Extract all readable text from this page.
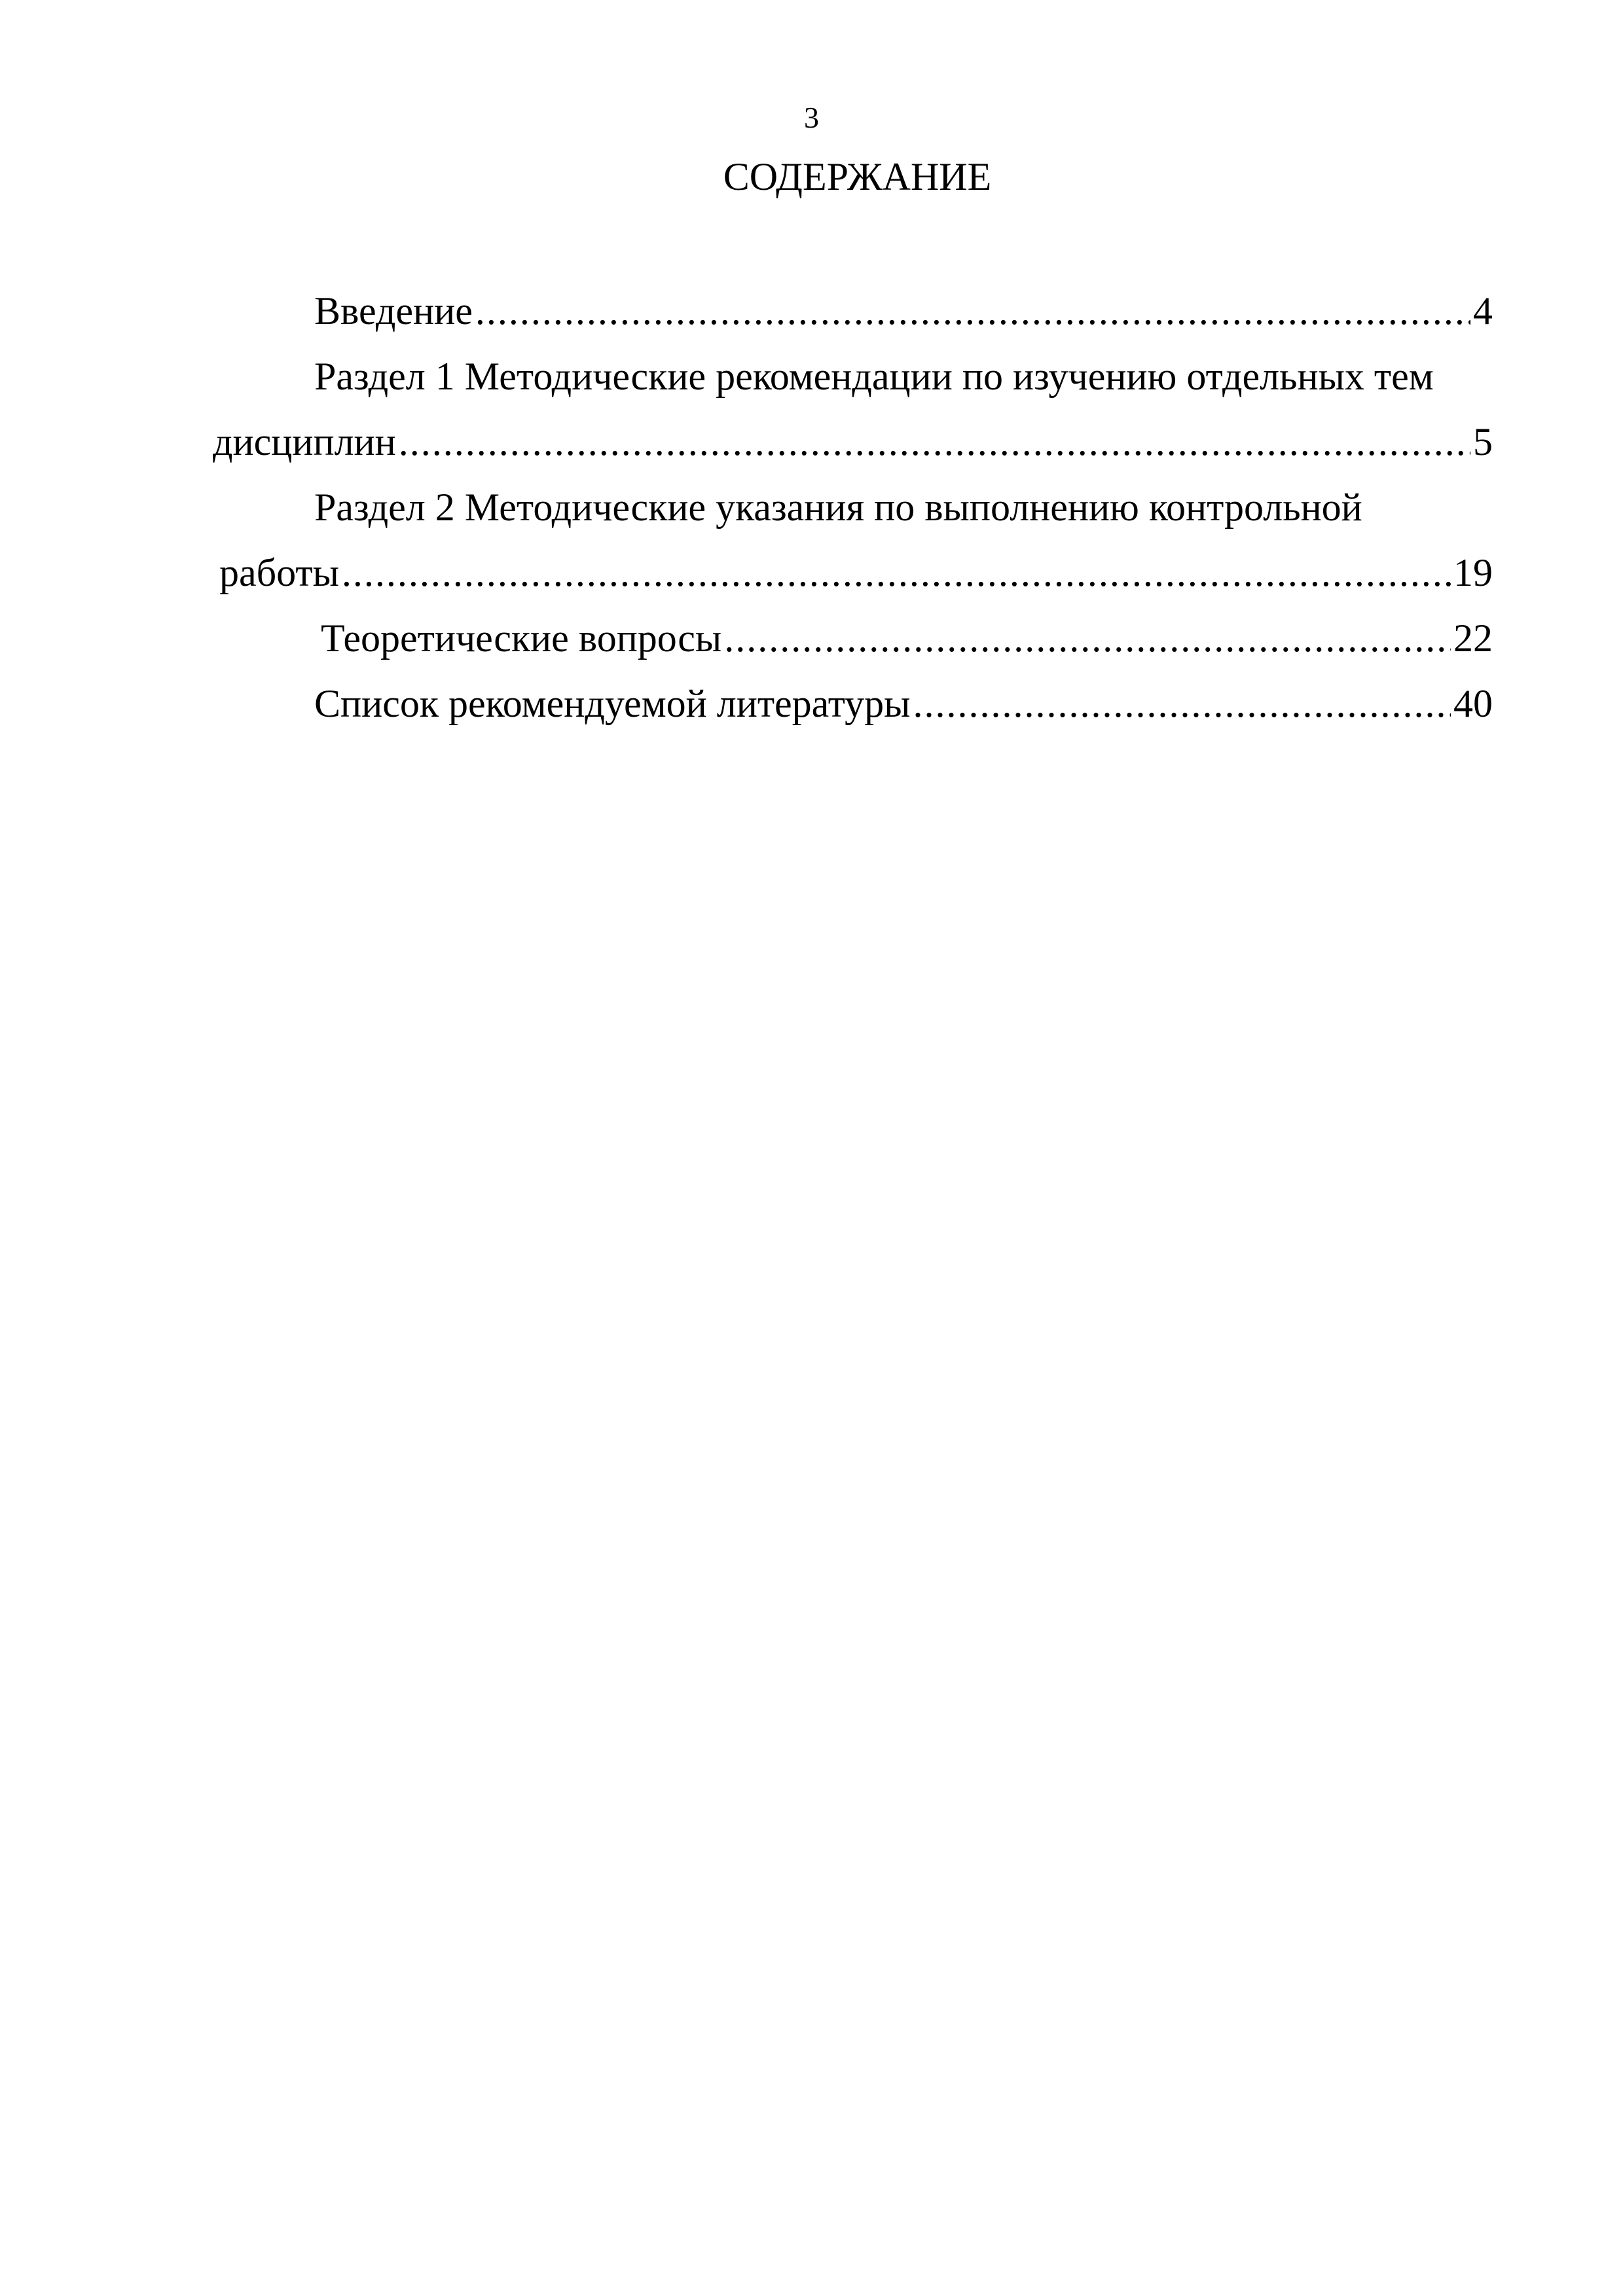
3
СОДЕРЖАНИЕ
Введение .....	4
Раздел 1 Методические рекомендации по изучению отдельных тем
дисциплин .....	5
Раздел 2 Методические указания по выполнению контрольной
работы .....	19
Теоретические вопросы .....	22
Список рекомендуемой литературы .....	40
